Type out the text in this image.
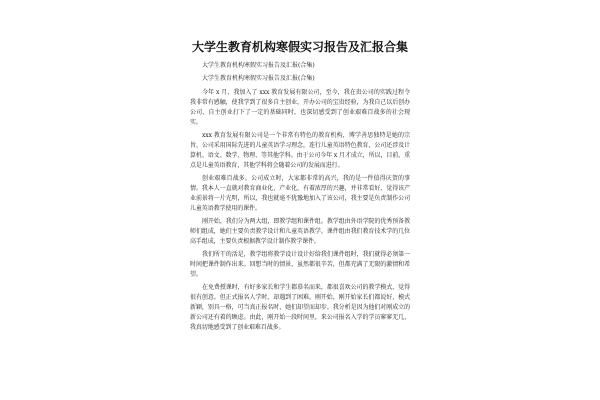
大学生教育机构寒假实习报告及汇报合集
大学生教育机构寒假实习报告及汇报(合集)
大学生教育机构寒假实习报告及汇报(合集)

今年 x 月，我加入了 xxx 教育发展有限公司，至今，我在贵公司的实践过程令我非常有感触，使我学到了很多自主创业，开办公司的宝贵经验，为我自己以后创办公司、自主创业打下了一定的基础同时，也深切感受到了创业艰难百战多的社会现实。

xxx 教育发展有限公司是一个非常有特色的教育机构，博学善思独特是她的宗旨，公司采用国际先进的儿童英语学习理念，连行儿童英语特色教育，公司还涉及计算机、语文、数学、物理、等其他学科。由于公司今年 x 月才成立，所以，目前，重点是儿童英语教育，其他学科将会随着公司的发展而进行。

创业艰难百战多。公司成立时，大家都非常的高兴，我的是一件值得庆贺的事情。我本人一直就对教育商业化、产业化，有着浓厚的兴趣，并非常看好，觉得该产业前景将一片光明，所以，我也就毫不犹豫地加入了该公司，我主要是负责制作公司儿童英语教学使用的课件。

刚开始，我们分为两大组，即教学组和课件组。教学组由外语学院的优秀预备教师们组成，她们主要负责教学设计和儿童英语教学。课件组由我们教育技术学的几位高手组成，主要负责根据教学设计制作教学课件。

我们所干的活是，教学组将教学设计设计好给我们课件组时，我们就得必须第一时间把课件制作出来。回想当时的情景，虽然都很辛苦，但都充满了无限的激情和希望。

在免费授课时，有好多家长和学生都慕名而来，都很喜欢公司的教学模式，觉得很有创意。但正式报名人学时，却遇到了困难。刚开始，刚开始家长们都说好，模式新颖，别具一格，可当真正报名时，她们却望而却步。我分析是因为他们对刚成立的新公司还有着的顾虑。由此，刚开始一段时间里，来公司报名入学的学员寥寥无几，我真切地感受到了创业艰难百战多。
